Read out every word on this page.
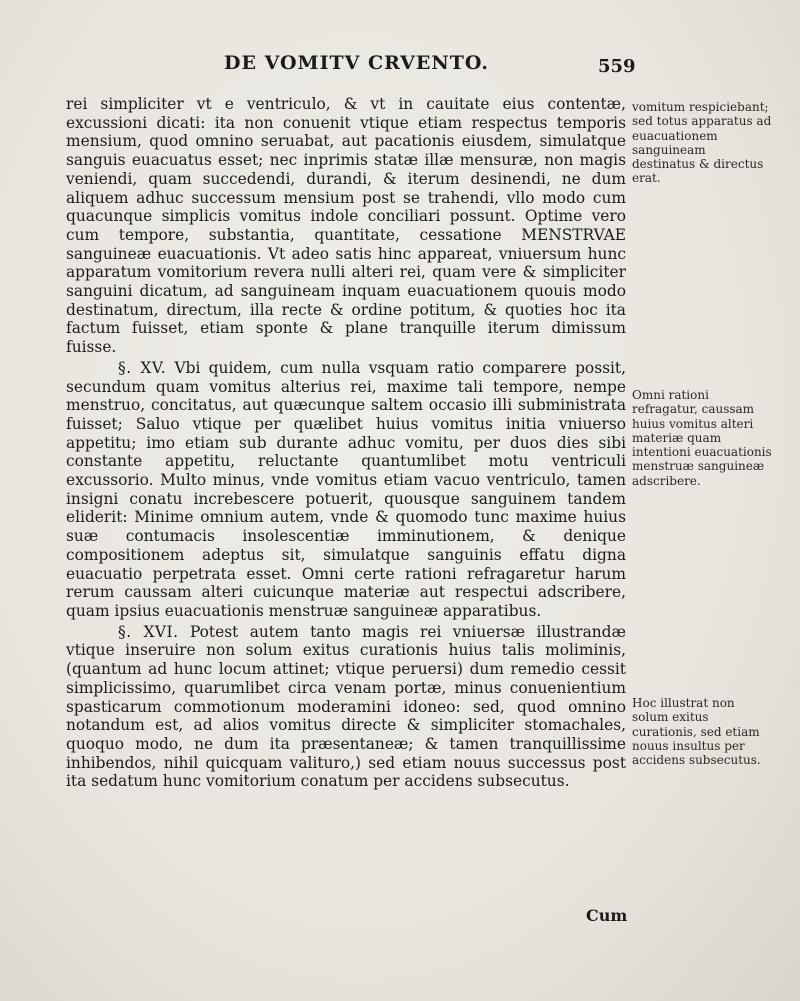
DE VOMITV CRVENTO.	559

rei simpliciter vt e ventriculo, & vt in cauitate eius contentæ, excussioni dicati: ita non conuenit vtique etiam respectus temporis mensium, quod omnino seruabat, aut pacationis eiusdem, simulatque sanguis euacuatus esset; nec inprimis statæ illæ mensuræ, non magis veniendi, quam succedendi, durandi, & iterum desinendi, ne dum aliquem adhuc successum mensium post se trahendi, vllo modo cum quacunque simplicis vomitus indole conciliari possunt. Optime vero cum tempore, substantia, quantitate, cessatione MENSTRVAE sanguineæ euacuationis. Vt adeo satis hinc appareat, vniuersum hunc apparatum vomitorium revera nulli alteri rei, quam vere & simpliciter sanguini dicatum, ad sanguineam inquam euacuationem quouis modo destinatum, directum, illa recte & ordine potitum, & quoties hoc ita factum fuisset, etiam sponte & plane tranquille iterum dimissum fuisse.

§. XV. Vbi quidem, cum nulla vsquam ratio comparere possit, secundum quam vomitus alterius rei, maxime tali tempore, nempe menstruo, concitatus, aut quæcunque saltem occasio illi subministrata fuisset; Saluo vtique per quælibet huius vomitus initia vniuerso appetitu; imo etiam sub durante adhuc vomitu, per duos dies sibi constante appetitu, reluctante quantumlibet motu ventriculi excussorio. Multo minus, vnde vomitus etiam vacuo ventriculo, tamen insigni conatu increbescere potuerit, quousque sanguinem tandem eliderit: Minime omnium autem, vnde & quomodo tunc maxime huius suæ contumacis insolescentiæ imminutionem, & denique compositionem adeptus sit, simulatque sanguinis effatu digna euacuatio perpetrata esset. Omni certe rationi refragaretur harum rerum caussam alteri cuicunque materiæ aut respectui adscribere, quam ipsius euacuationis menstruæ sanguineæ apparatibus.

§. XVI. Potest autem tanto magis rei vniuersæ illustrandæ vtique inseruire non solum exitus curationis huius talis moliminis, (quantum ad hunc locum attinet; vtique peruersi) dum remedio cessit simplicissimo, quarumlibet circa venam portæ, minus conuenientium spasticarum commotionum moderamini idoneo: sed, quod omnino notandum est, ad alios vomitus directe & simpliciter stomachales, quoquo modo, ne dum ita præsentaneæ; & tamen tranquillissime inhibendos, nihil quicquam valituro,) sed etiam nouus successus post ita sedatum hunc vomitorium conatum per accidens subsecutus.

vomitum respiciebant; sed totus apparatus ad euacuationem sanguineam destinatus & directus erat.
Omni rationi refragatur, caussam huius vomitus alteri materiæ quam intentioni euacuationis menstruæ sanguineæ adscribere.
Hoc illustrat non solum exitus curationis, sed etiam nouus insultus per accidens subsecutus.
Cum
